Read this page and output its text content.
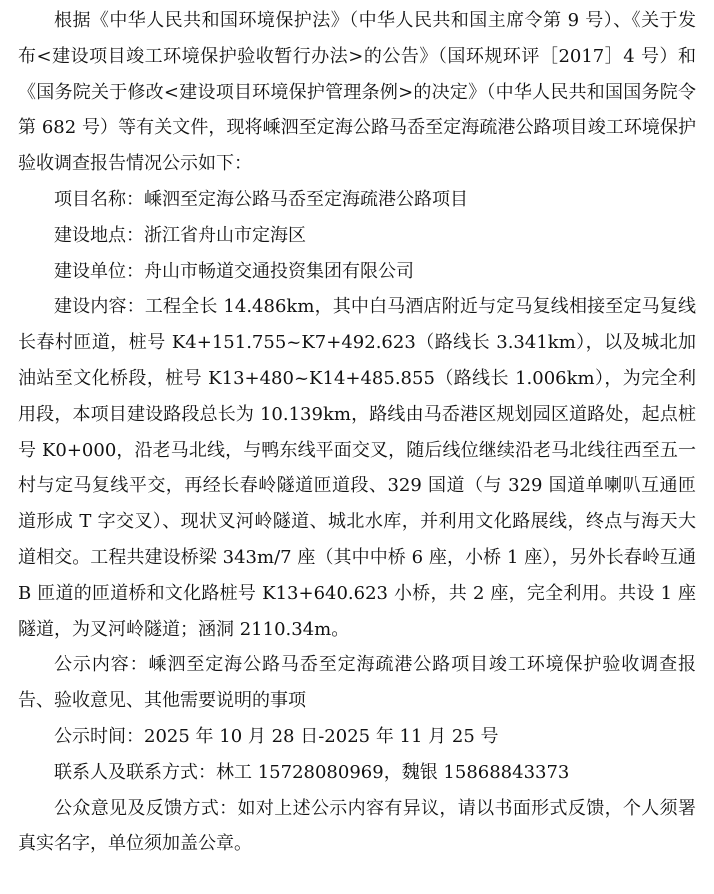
根据《中华人民共和国环境保护法》（中华人民共和国主席令第 9 号）、《关于发布<建设项目竣工环境保护验收暂行办法>的公告》（国环规环评［2017］4 号）和《国务院关于修改<建设项目环境保护管理条例>的决定》（中华人民共和国国务院令第 682 号）等有关文件，现将嵊泗至定海公路马岙至定海疏港公路项目竣工环境保护验收调查报告情况公示如下：

项目名称：嵊泗至定海公路马岙至定海疏港公路项目

建设地点：浙江省舟山市定海区

建设单位：舟山市畅道交通投资集团有限公司

建设内容：工程全长 14.486km，其中白马酒店附近与定马复线相接至定马复线长春村匝道，桩号 K4+151.755~K7+492.623（路线长 3.341km），以及城北加油站至文化桥段，桩号 K13+480~K14+485.855（路线长 1.006km），为完全利用段，本项目建设路段总长为 10.139km，路线由马岙港区规划园区道路处，起点桩号 K0+000，沿老马北线，与鸭东线平面交叉，随后线位继续沿老马北线往西至五一村与定马复线平交，再经长春岭隧道匝道段、329 国道（与 329 国道单喇叭互通匝道形成 T 字交叉）、现状叉河岭隧道、城北水库，并利用文化路展线，终点与海天大道相交。工程共建设桥梁 343m/7 座（其中中桥 6 座，小桥 1 座），另外长春岭互通 B 匝道的匝道桥和文化路桩号 K13+640.623 小桥，共 2 座，完全利用。共设 1 座隧道，为叉河岭隧道；涵洞 2110.34m。

公示内容：嵊泗至定海公路马岙至定海疏港公路项目竣工环境保护验收调查报告、验收意见、其他需要说明的事项

公示时间：2025 年 10 月 28 日-2025 年 11 月 25 号

联系人及联系方式：林工 15728080969，魏银 15868843373

公众意见及反馈方式：如对上述公示内容有异议，请以书面形式反馈，个人须署真实名字，单位须加盖公章。
